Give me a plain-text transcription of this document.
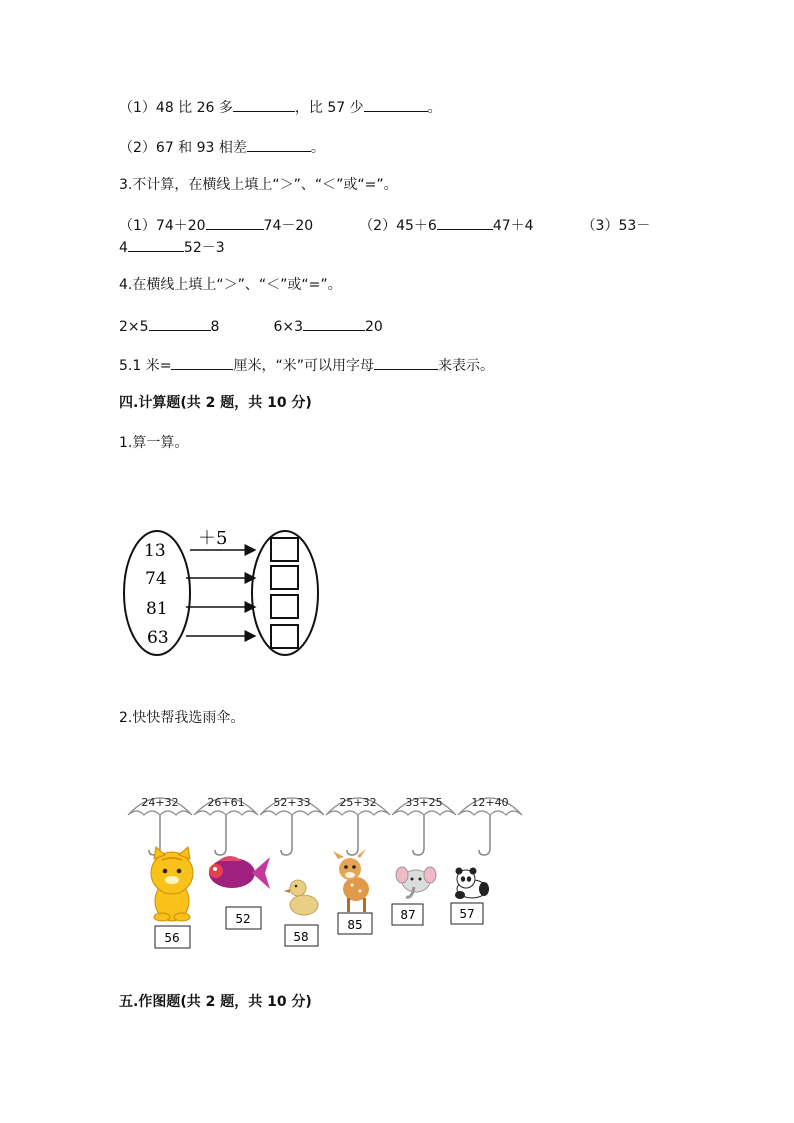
（1）48 比 26 多	，比 57 少	。
（2）67 和 93 相差	。
3.不计算，在横线上填上“＞”、“＜”或“=”。
（1）74＋20	74－20	（2）45＋6	47＋4	（3）53－
4	52－3
4.在横线上填上“＞”、“＜”或“=”。
2×5	8	6×3	20
5.1 米=	厘米，“米”可以用字母	来表示。
四.计算题(共 2 题，共 10 分)
1.算一算。
＋5
13
74
81
63
2.快快帮我选雨伞。
24+32	26+61	52+33	25+32	33+25	12+40
56
52
58
85
87	57
五.作图题(共 2 题，共 10 分)
